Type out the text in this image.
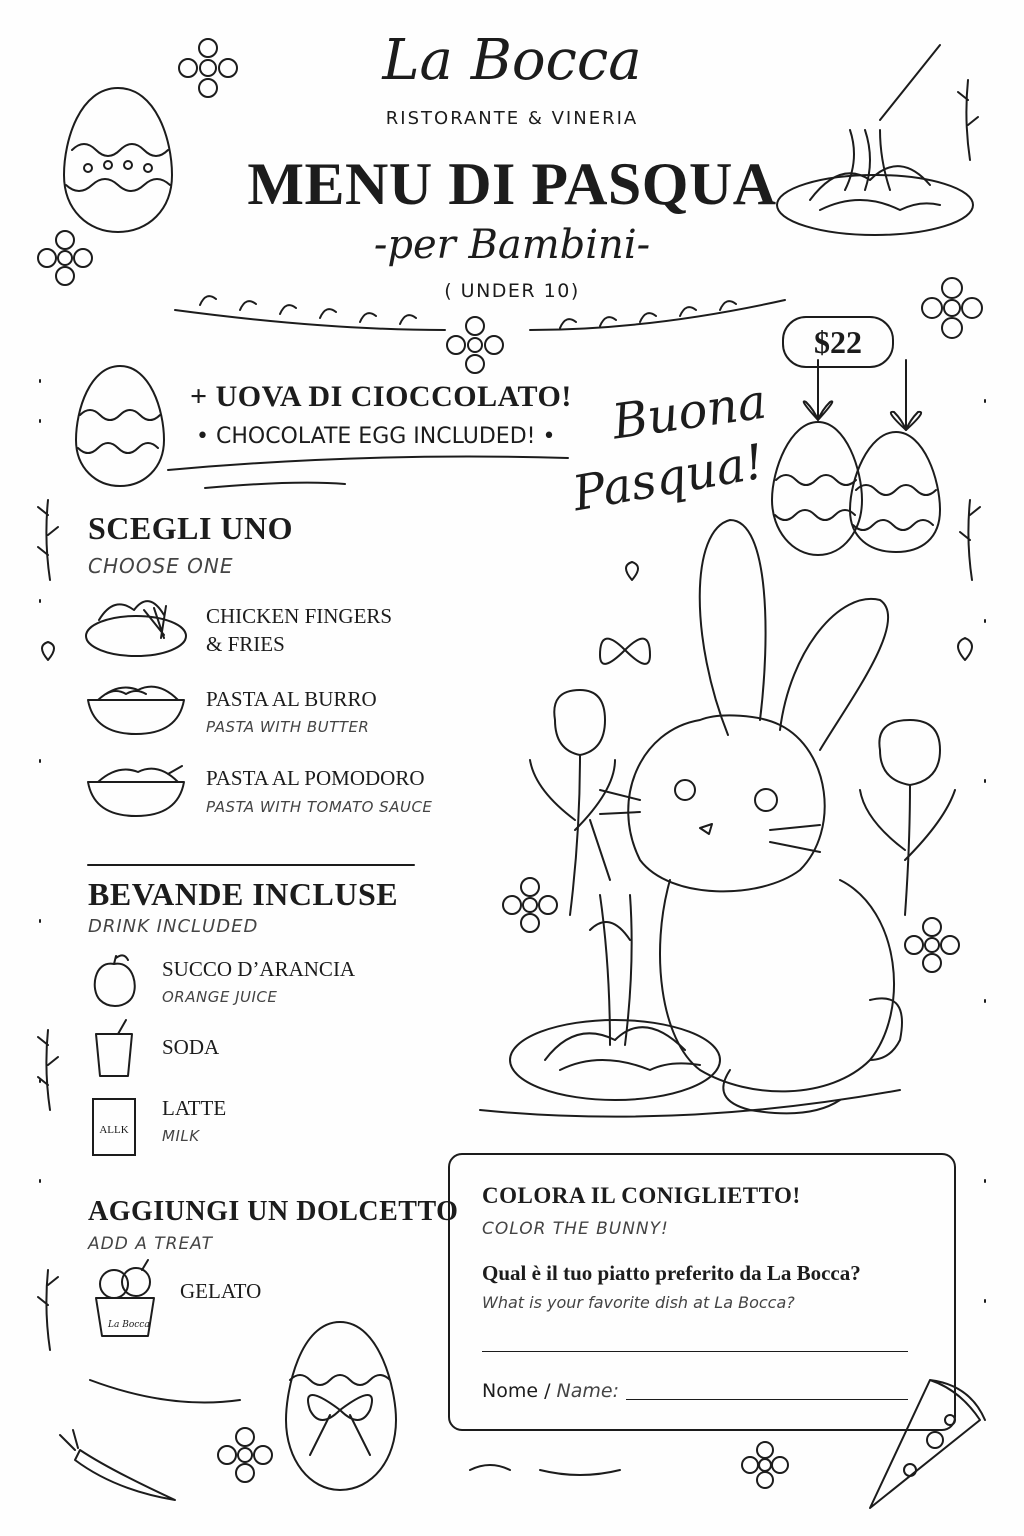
La Bocca
RISTORANTE & VINERIA
MENU DI PASQUA
-per Bambini-
( UNDER 10)
$22
+ UOVA DI CIOCCOLATO!
• CHOCOLATE EGG INCLUDED! • Buona
Pasqua!
SCEGLI UNO
CHOOSE ONE
CHICKEN FINGERS
& FRIES
PASTA AL BURRO
PASTA WITH BUTTER
PASTA AL POMODORO
PASTA WITH TOMATO SAUCE
BEVANDE INCLUSE
DRINK INCLUDED
SUCCO D’ARANCIA
ORANGE JUICE
SODA
ALLK
LATTE
MILK
AGGIUNGI UN DOLCETTO
ADD A TREAT
La Bocca
GELATO
COLORA IL CONIGLIETTO!
COLOR THE BUNNY!
Qual è il tuo piatto preferito da La Bocca?
What is your favorite dish at La Bocca?
Nome / Name:
